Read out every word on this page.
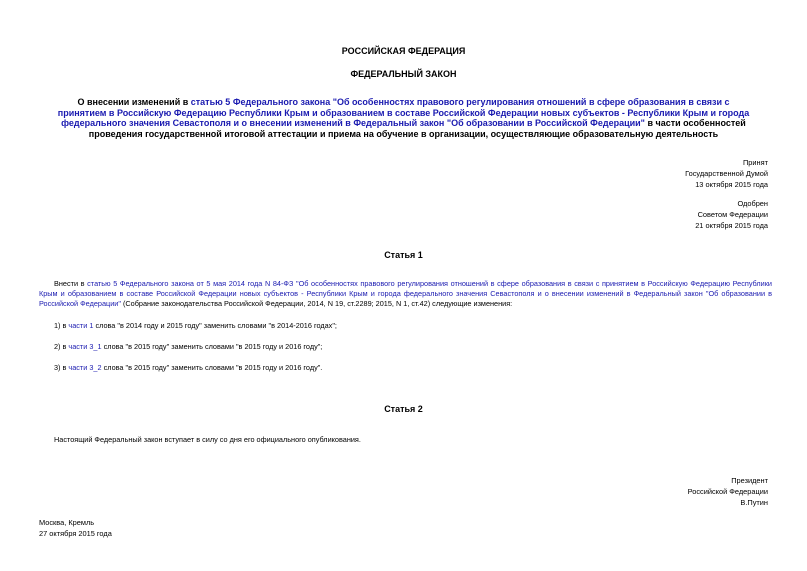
РОССИЙСКАЯ ФЕДЕРАЦИЯ
ФЕДЕРАЛЬНЫЙ ЗАКОН
О внесении изменений в статью 5 Федерального закона "Об особенностях правового регулирования отношений в сфере образования в связи с принятием в Российскую Федерацию Республики Крым и образованием в составе Российской Федерации новых субъектов - Республики Крым и города федерального значения Севастополя и о внесении изменений в Федеральный закон "Об образовании в Российской Федерации" в части особенностей проведения государственной итоговой аттестации и приема на обучение в организации, осуществляющие образовательную деятельность
Принят
Государственной Думой
13 октября 2015 года
Одобрен
Советом Федерации
21 октября 2015 года
Статья 1
Внести в статью 5 Федерального закона от 5 мая 2014 года N 84-ФЗ "Об особенностях правового регулирования отношений в сфере образования в связи с принятием в Российскую Федерацию Республики Крым и образованием в составе Российской Федерации новых субъектов - Республики Крым и города федерального значения Севастополя и о внесении изменений в Федеральный закон "Об образовании в Российской Федерации" (Собрание законодательства Российской Федерации, 2014, N 19, ст.2289; 2015, N 1, ст.42) следующие изменения:
1) в части 1 слова "в 2014 году и 2015 году" заменить словами "в 2014-2016 годах";
2) в части 3_1 слова "в 2015 году" заменить словами "в 2015 году и 2016 году";
3) в части 3_2 слова "в 2015 году" заменить словами "в 2015 году и 2016 году".
Статья 2
Настоящий Федеральный закон вступает в силу со дня его официального опубликования.
Президент
Российской Федерации
В.Путин
Москва, Кремль
27 октября 2015 года
